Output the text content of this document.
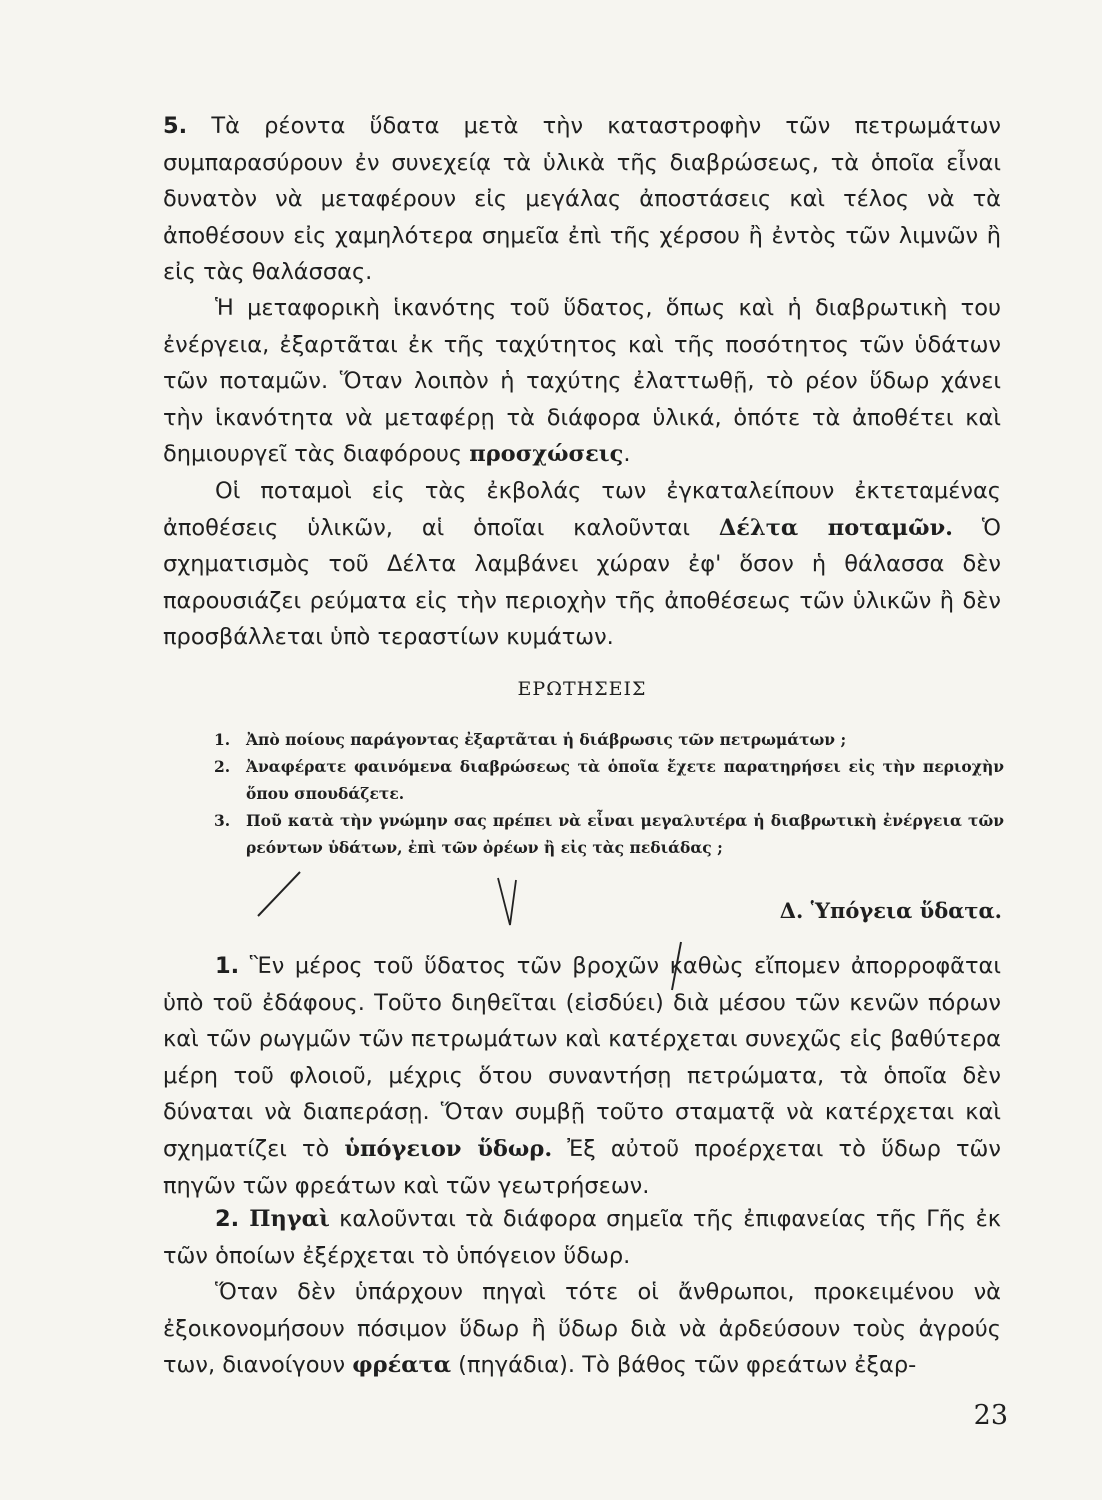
5. Τὰ ρέοντα ὕδατα μετὰ τὴν καταστροφὴν τῶν πετρωμάτων συμπαρασύρουν ἐν συνεχείᾳ τὰ ὑλικὰ τῆς διαβρώσεως, τὰ ὁποῖα εἶναι δυνατὸν νὰ μεταφέρουν εἰς μεγάλας ἀποστάσεις καὶ τέλος νὰ τὰ ἀποθέσουν εἰς χαμηλότερα σημεῖα ἐπὶ τῆς χέρσου ἢ ἐντὸς τῶν λιμνῶν ἢ εἰς τὰς θαλάσσας.

Ἡ μεταφορικὴ ἱκανότης τοῦ ὕδατος, ὅπως καὶ ἡ διαβρωτικὴ του ἐνέργεια, ἐξαρτᾶται ἐκ τῆς ταχύτητος καὶ τῆς ποσότητος τῶν ὑδάτων τῶν ποταμῶν. Ὅταν λοιπὸν ἡ ταχύτης ἐλαττωθῇ, τὸ ρέον ὕδωρ χάνει τὴν ἱκανότητα νὰ μεταφέρῃ τὰ διάφορα ὑλικά, ὁπότε τὰ ἀποθέτει καὶ δημιουργεῖ τὰς διαφόρους προσχώσεις.

Οἱ ποταμοὶ εἰς τὰς ἐκβολάς των ἐγκαταλείπουν ἐκτεταμένας ἀποθέσεις ὑλικῶν, αἱ ὁποῖαι καλοῦνται Δέλτα ποταμῶν. Ὁ σχηματισμὸς τοῦ Δέλτα λαμβάνει χώραν ἐφ' ὅσον ἡ θάλασσα δὲν παρουσιάζει ρεύματα εἰς τὴν περιοχὴν τῆς ἀποθέσεως τῶν ὑλικῶν ἢ δὲν προσβάλλεται ὑπὸ τεραστίων κυμάτων.

ΕΡΩΤΗΣΕΙΣ

1. Ἀπὸ ποίους παράγοντας ἐξαρτᾶται ἡ διάβρωσις τῶν πετρωμάτων ;
2. Ἀναφέρατε φαινόμενα διαβρώσεως τὰ ὁποῖα ἔχετε παρατηρήσει εἰς τὴν περιοχὴν ὅπου σπουδάζετε.
3. Ποῦ κατὰ τὴν γνώμην σας πρέπει νὰ εἶναι μεγαλυτέρα ἡ διαβρωτικὴ ἐνέργεια τῶν ρεόντων ὑδάτων, ἐπὶ τῶν ὀρέων ἢ εἰς τὰς πεδιάδας ;

Δ. Ὑπόγεια ὕδατα.

1. Ἓν μέρος τοῦ ὕδατος τῶν βροχῶν καθὼς εἴπομεν ἀπορροφᾶται ὑπὸ τοῦ ἐδάφους. Τοῦτο διηθεῖται (εἰσδύει) διὰ μέσου τῶν κενῶν πόρων καὶ τῶν ρωγμῶν τῶν πετρωμάτων καὶ κατέρχεται συνεχῶς εἰς βαθύτερα μέρη τοῦ φλοιοῦ, μέχρις ὅτου συναντήσῃ πετρώματα, τὰ ὁποῖα δὲν δύναται νὰ διαπεράσῃ. Ὅταν συμβῇ τοῦτο σταματᾷ νὰ κατέρχεται καὶ σχηματίζει τὸ ὑπόγειον ὕδωρ. Ἐξ αὐτοῦ προέρχεται τὸ ὕδωρ τῶν πηγῶν τῶν φρεάτων καὶ τῶν γεωτρήσεων.

2. Πηγαὶ καλοῦνται τὰ διάφορα σημεῖα τῆς ἐπιφανείας τῆς Γῆς ἐκ τῶν ὁποίων ἐξέρχεται τὸ ὑπόγειον ὕδωρ.

Ὅταν δὲν ὑπάρχουν πηγαὶ τότε οἱ ἄνθρωποι, προκειμένου νὰ ἐξοικονομήσουν πόσιμον ὕδωρ ἢ ὕδωρ διὰ νὰ ἀρδεύσουν τοὺς ἀγρούς των, διανοίγουν φρέατα (πηγάδια). Τὸ βάθος τῶν φρεάτων ἐξαρ-

23
